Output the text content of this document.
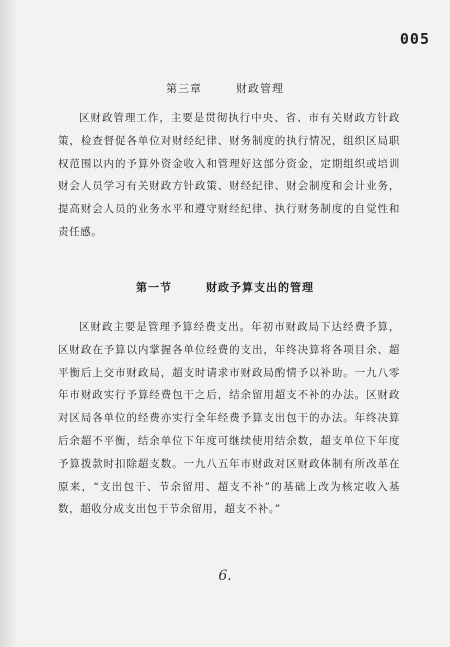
005
第三章	财政管理

区财政管理工作，主要是贯彻执行中央、省、市有关财政方针政策，检查督促各单位对财经纪律、财务制度的执行情况，组织区局职权范围以内的予算外资金收入和管理好这部分资金，定期组织或培训财会人员学习有关财政方针政策、财经纪律、财会制度和会计业务，提高财会人员的业务水平和遵守财经纪律、执行财务制度的自觉性和责任感。

第一节	财政予算支出的管理

区财政主要是管理予算经费支出。年初市财政局下达经费予算，区财政在予算以内掌握各单位经费的支出，年终决算将各项目余、超平衡后上交市财政局，超支时请求市财政局酌情予以补助。一九八零年市财政实行予算经费包干之后，结余留用超支不补的办法。区财政对区局各单位的经费亦实行全年经费予算支出包干的办法。年终决算后余超不平衡，结余单位下年度可继续使用结余数，超支单位下年度予算拨款时扣除超支数。一九八五年市财政对区财政体制有所改革在原来，“支出包干、节余留用、超支不补”的基础上改为核定收入基数，超收分成支出包干节余留用，超支不补。”

6.
